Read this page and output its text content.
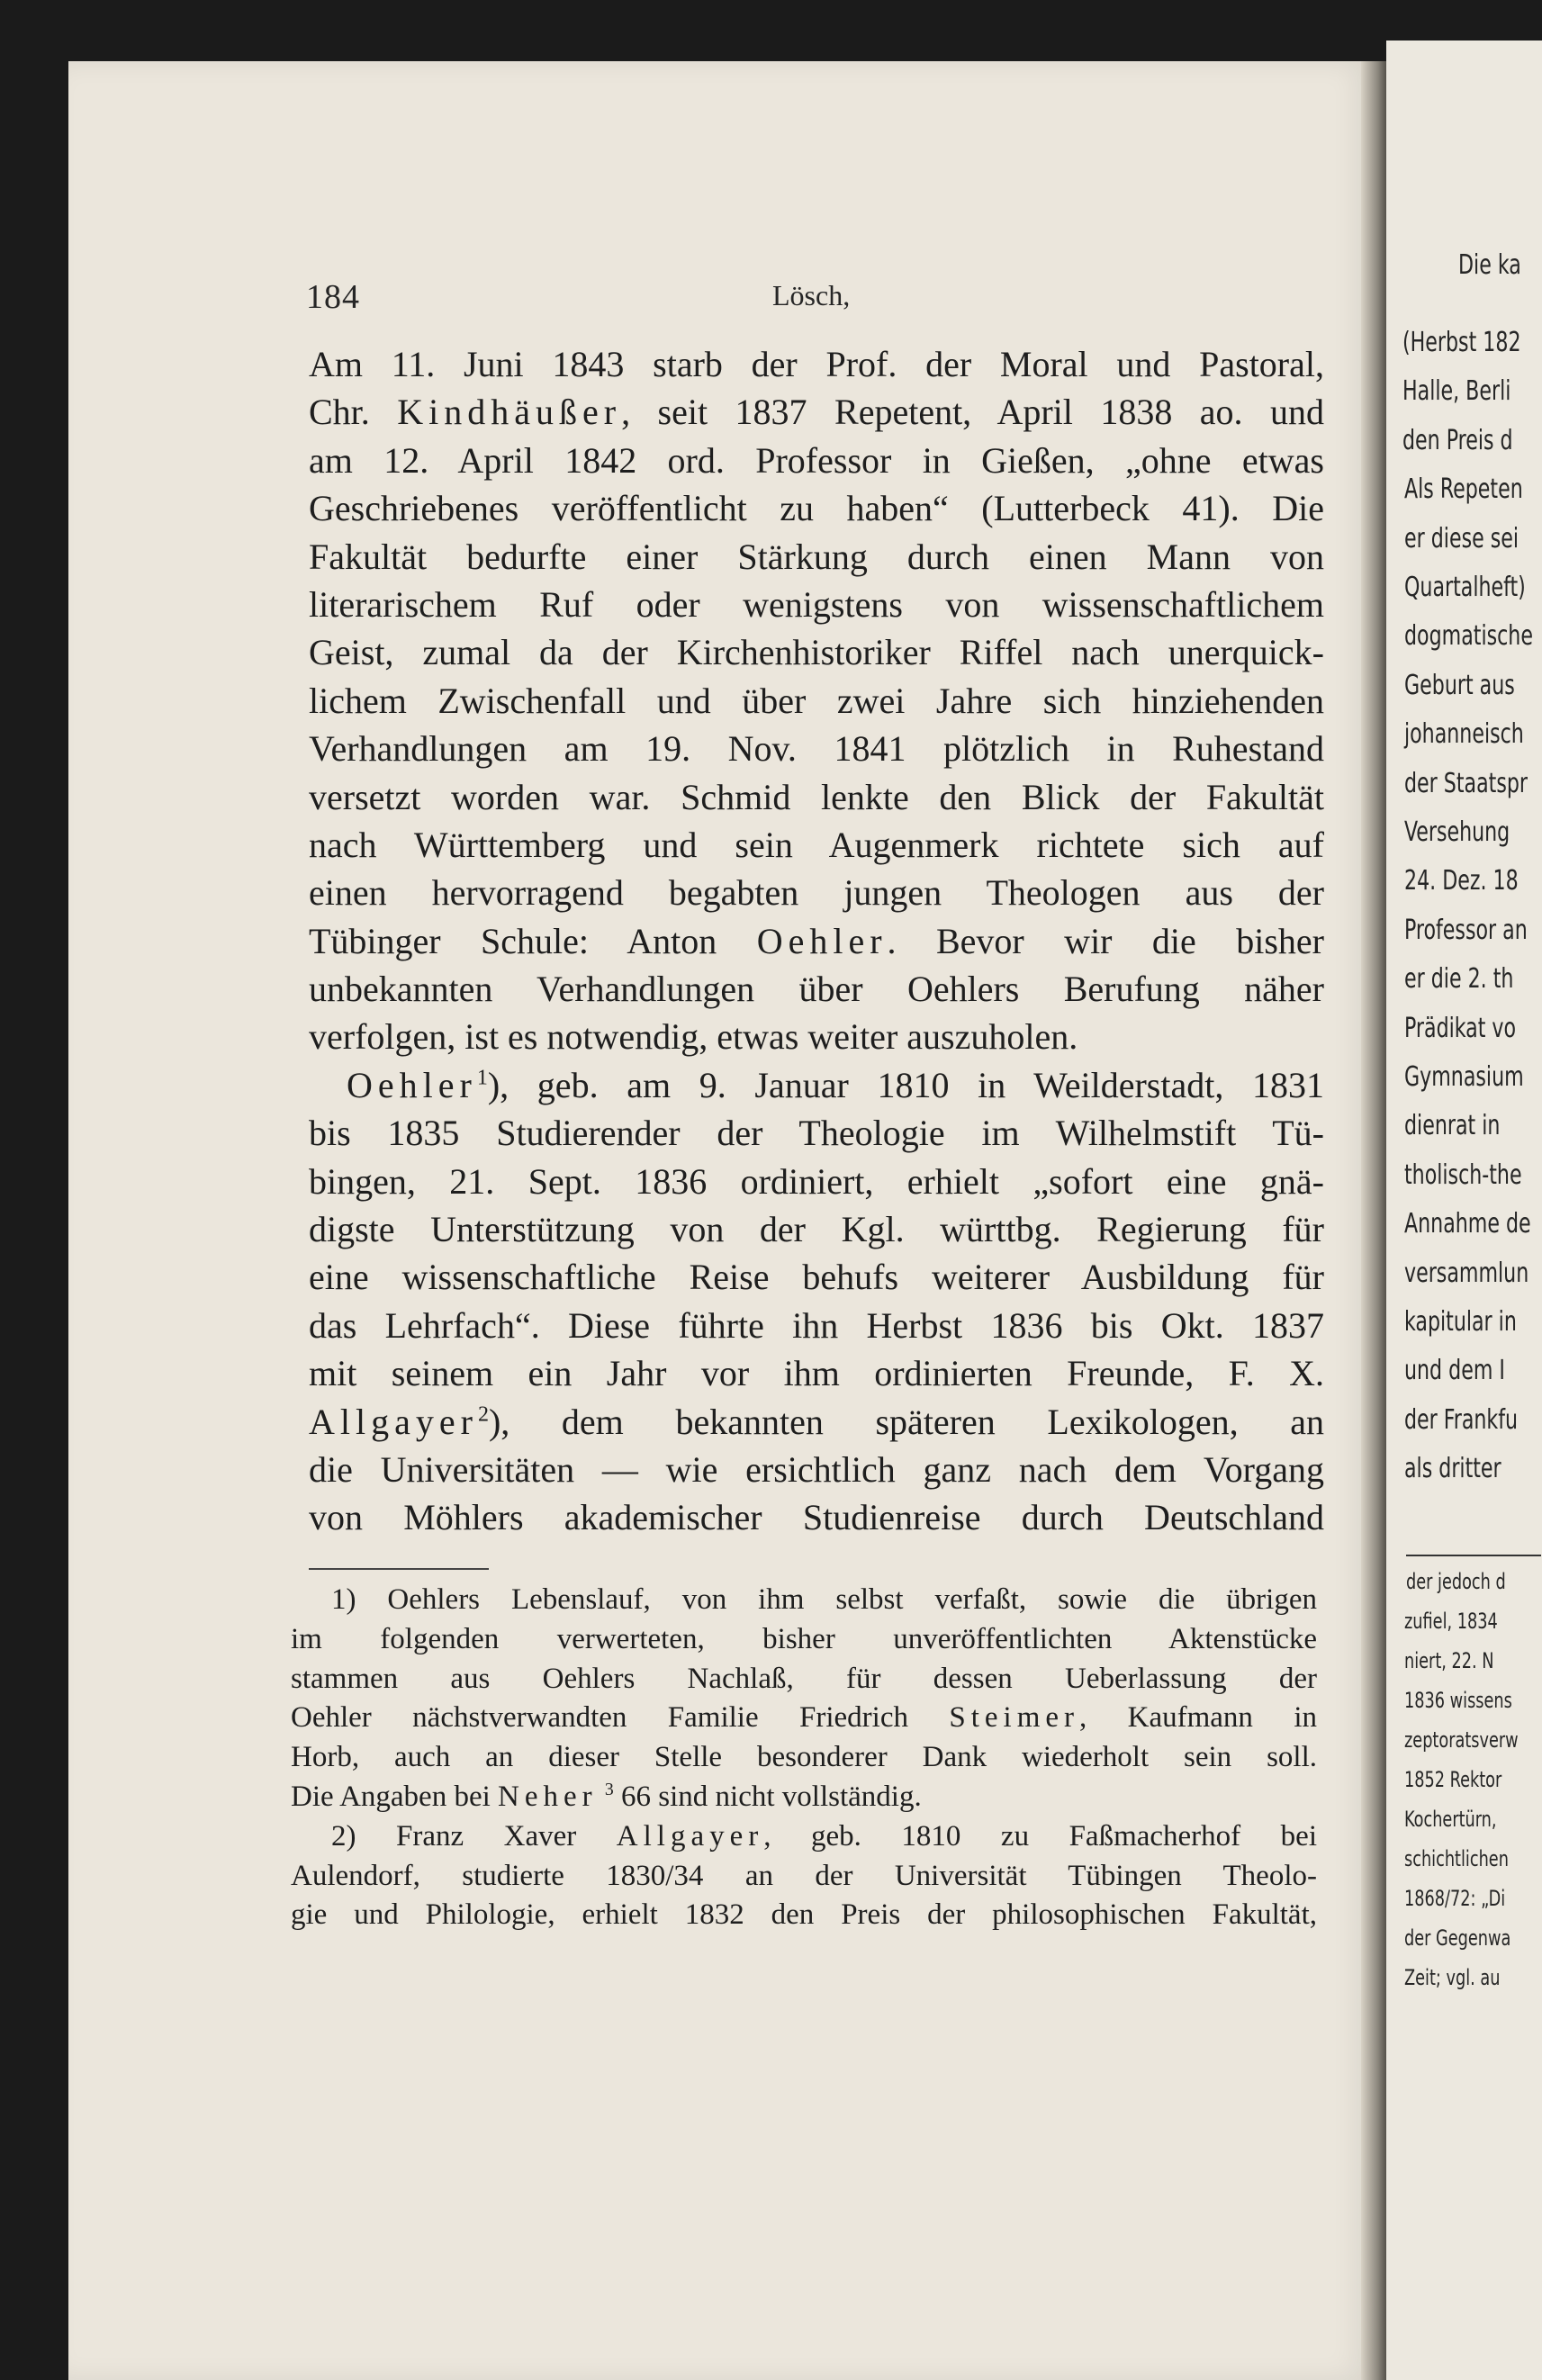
Die ka
(Herbst 182
Halle, Berli
den Preis d
Als Repeten
er diese sei
Quartalheft)
dogmatische
Geburt aus
johanneisch
der Staatspr
Versehung
24. Dez. 18
Professor an
er die 2. th
Prädikat vo
Gymnasium
dienrat in
tholisch-the
Annahme de
versammlun
kapitular in
und dem I
der Frankfu
als dritter
der jedoch d
zufiel, 1834
niert, 22. N
1836 wissens
zeptoratsverw
1852 Rektor
Kochertürn,
schichtlichen
1868/72: „Di
der Gegenwa
Zeit; vgl. au
184	Lösch,
Am 11. Juni 1843 starb der Prof. der Moral und Pastoral,
Chr. Kindhäußer, seit 1837 Repetent, April 1838 ao. und
am 12. April 1842 ord. Professor in Gießen, „ohne etwas
Geschriebenes veröffentlicht zu haben“ (Lutterbeck 41). Die
Fakultät bedurfte einer Stärkung durch einen Mann von
literarischem Ruf oder wenigstens von wissenschaftlichem
Geist, zumal da der Kirchenhistoriker Riffel nach unerquick-
lichem Zwischenfall und über zwei Jahre sich hinziehenden
Verhandlungen am 19. Nov. 1841 plötzlich in Ruhestand
versetzt worden war. Schmid lenkte den Blick der Fakultät
nach Württemberg und sein Augenmerk richtete sich auf
einen hervorragend begabten jungen Theologen aus der
Tübinger Schule: Anton Oehler. Bevor wir die bisher
unbekannten Verhandlungen über Oehlers Berufung näher
verfolgen, ist es notwendig, etwas weiter auszuholen.
Oehler$^1$), geb. am 9. Januar 1810 in Weilderstadt, 1831
bis 1835 Studierender der Theologie im Wilhelmstift Tü-
bingen, 21. Sept. 1836 ordiniert, erhielt „sofort eine gnä-
digste Unterstützung von der Kgl. württbg. Regierung für
eine wissenschaftliche Reise behufs weiterer Ausbildung für
das Lehrfach“. Diese führte ihn Herbst 1836 bis Okt. 1837
mit seinem ein Jahr vor ihm ordinierten Freunde, F. X.
Allgayer$^2$), dem bekannten späteren Lexikologen, an
die Universitäten — wie ersichtlich ganz nach dem Vorgang
von Möhlers akademischer Studienreise durch Deutschland
1) Oehlers Lebenslauf, von ihm selbst verfaßt, sowie die übrigen
im folgenden verwerteten, bisher unveröffentlichten Aktenstücke
stammen aus Oehlers Nachlaß, für dessen Ueberlassung der
Oehler nächstverwandten Familie Friedrich Steimer, Kaufmann in
Horb, auch an dieser Stelle besonderer Dank wiederholt sein soll.
Die Angaben bei Neher $^3$ 66 sind nicht vollständig.
2) Franz Xaver Allgayer, geb. 1810 zu Faßmacherhof bei
Aulendorf, studierte 1830/34 an der Universität Tübingen Theolo-
gie und Philologie, erhielt 1832 den Preis der philosophischen Fakultät,
